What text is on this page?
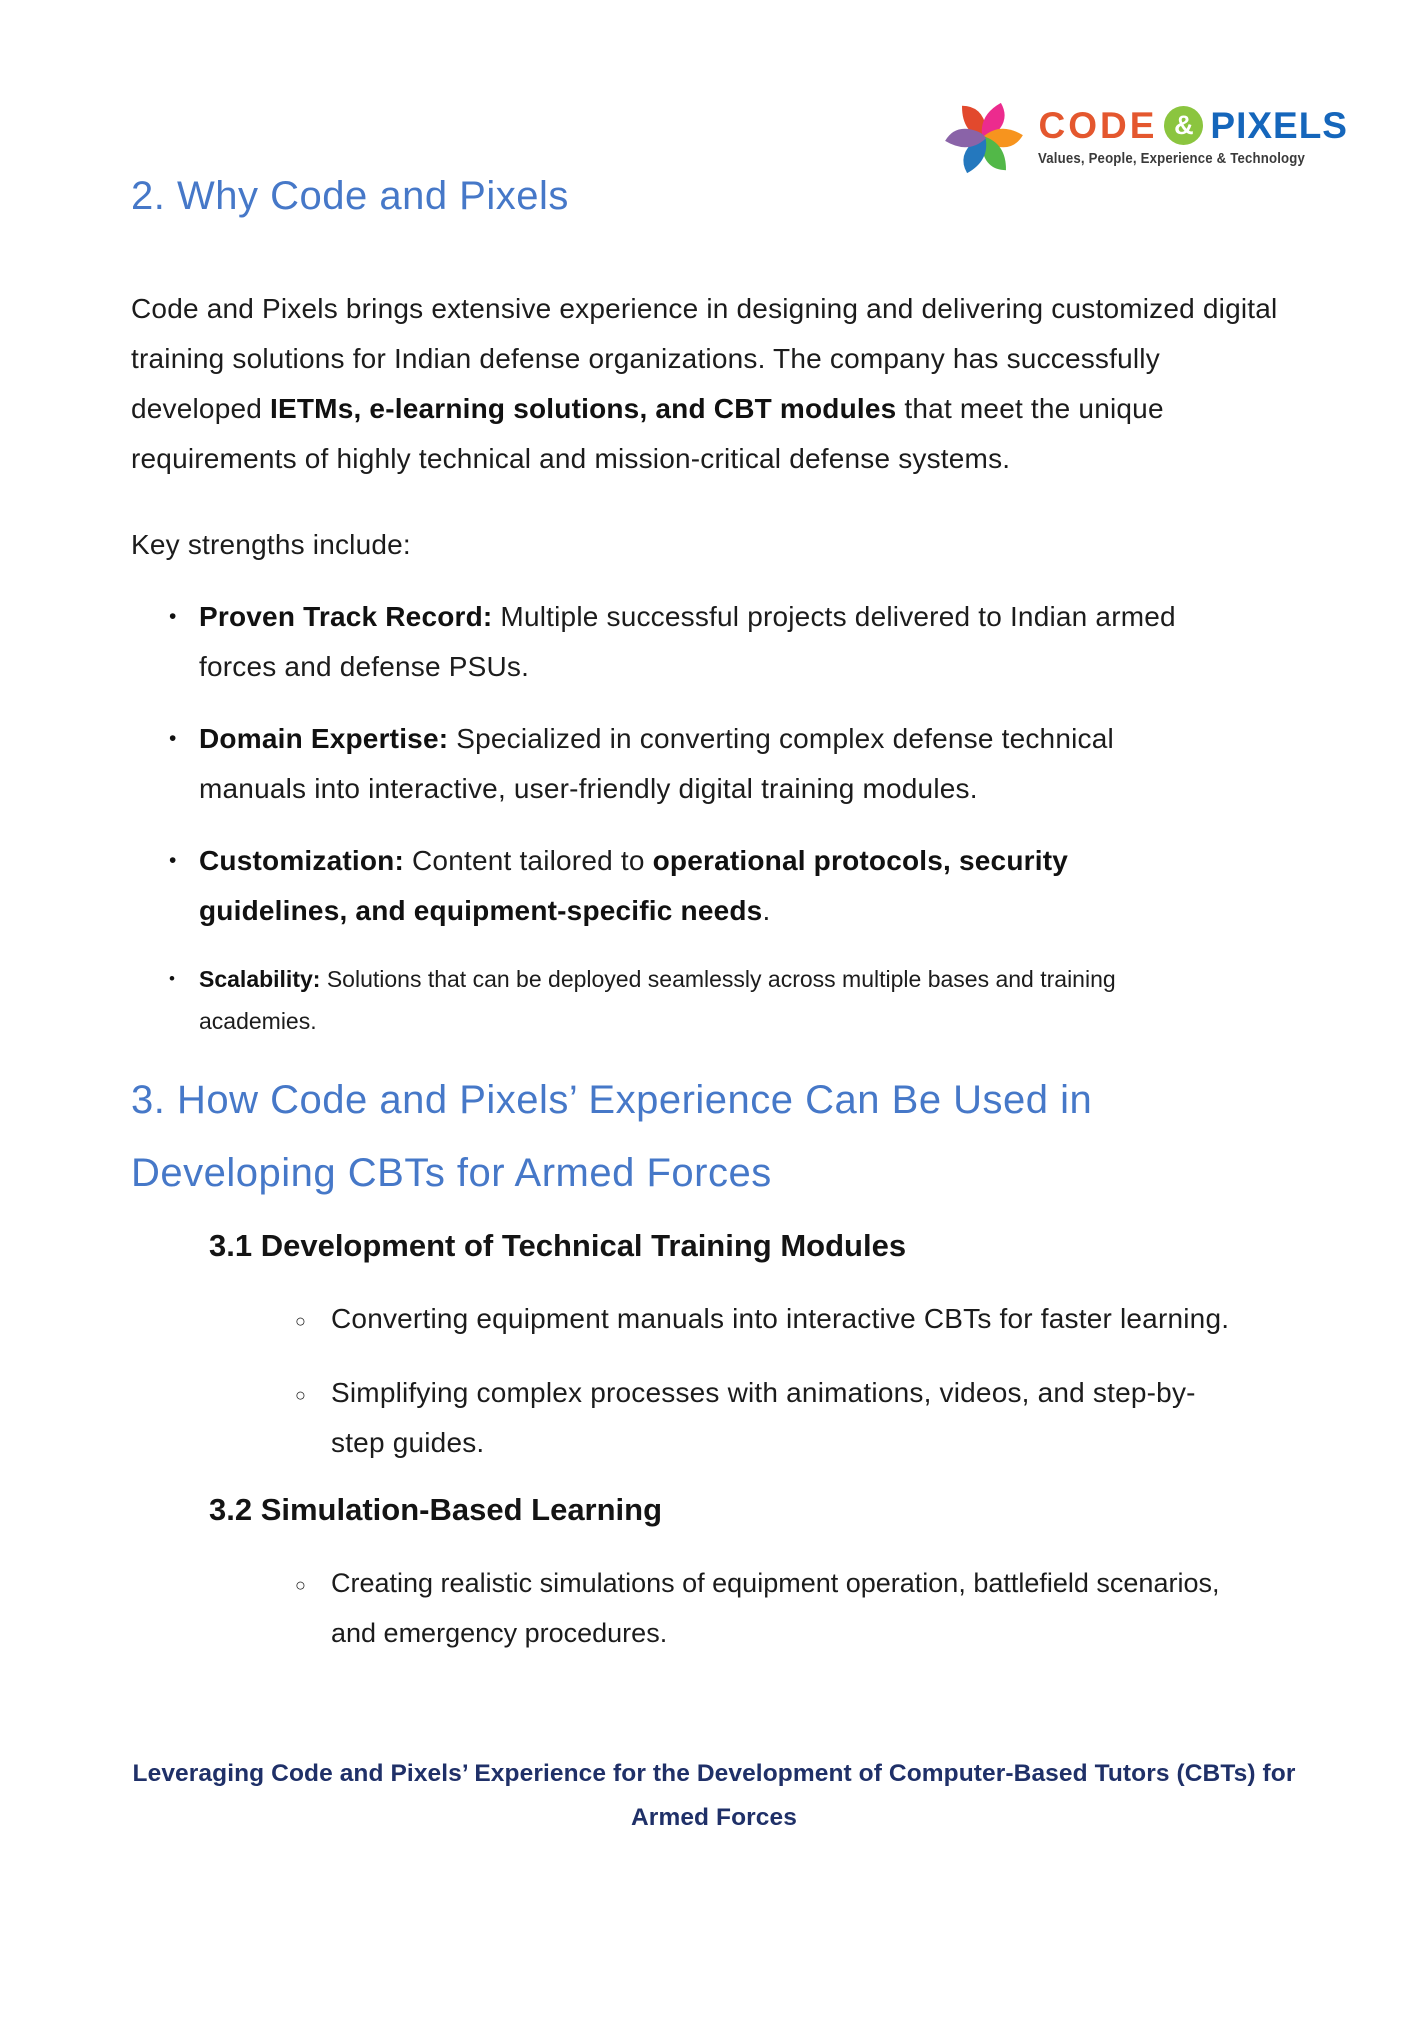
CODE & PIXELS
Values, People, Experience & Technology
2. Why Code and Pixels

Code and Pixels brings extensive experience in designing and delivering customized digital training solutions for Indian defense organizations. The company has successfully developed IETMs, e-learning solutions, and CBT modules that meet the unique requirements of highly technical and mission-critical defense systems.

Key strengths include:

• Proven Track Record: Multiple successful projects delivered to Indian armed forces and defense PSUs.
• Domain Expertise: Specialized in converting complex defense technical manuals into interactive, user-friendly digital training modules.
• Customization: Content tailored to operational protocols, security guidelines, and equipment-specific needs.
•	Scalability: Solutions that can be deployed seamlessly across multiple bases and training academies.
3. How Code and Pixels’ Experience Can Be Used in
Developing CBTs for Armed Forces
3.1 Development of Technical Training Modules
○ Converting equipment manuals into interactive CBTs for faster learning.
○ Simplifying complex processes with animations, videos, and step-by-step guides.
3.2 Simulation-Based Learning
○ Creating realistic simulations of equipment operation, battlefield scenarios, and emergency procedures.
Leveraging Code and Pixels’ Experience for the Development of Computer-Based Tutors (CBTs) for
Armed Forces
